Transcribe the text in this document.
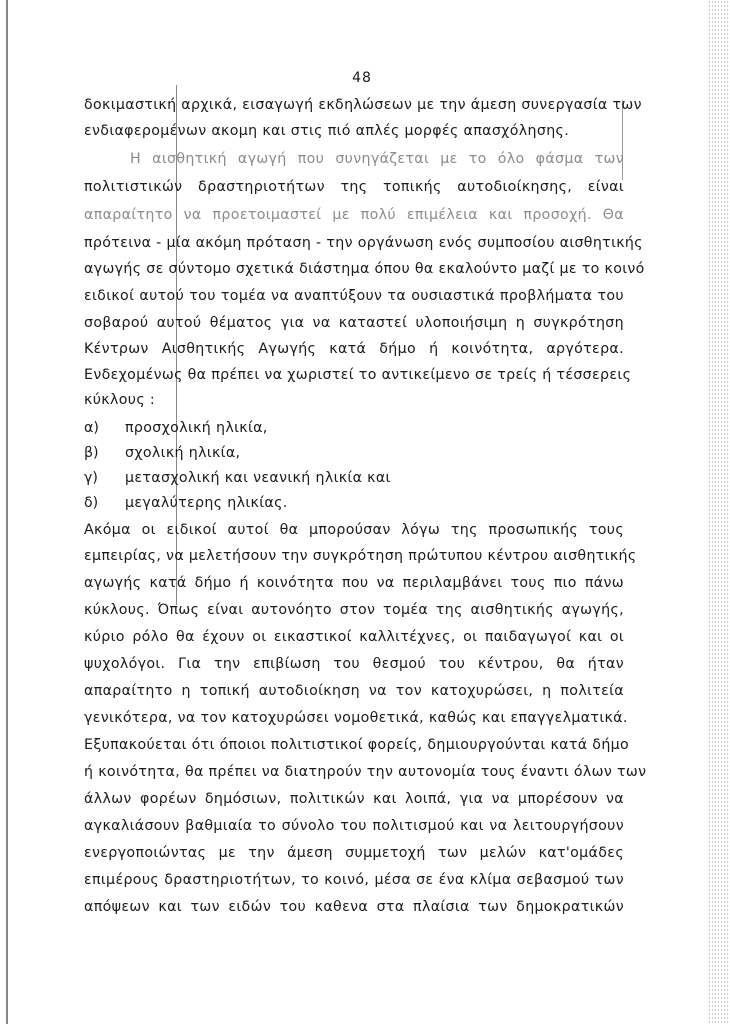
48
δοκιμαστική αρχικά, εισαγωγή εκδηλώσεων με την άμεση συνεργασία των
ενδιαφερομένων ακομη και στις πιό απλές μορφές απασχόλησης.
Η αισθητική αγωγή που συνηγάζεται με το όλο φάσμα των
πολιτιστικών δραστηριοτήτων της τοπικής αυτοδιοίκησης, είναι
απαραίτητο να προετοιμαστεί με πολύ επιμέλεια και προσοχή. Θα
πρότεινα - μία ακόμη πρόταση - την οργάνωση ενός συμποσίου αισθητικής
αγωγής σε σύντομο σχετικά διάστημα όπου θα εκαλούντο μαζί με το κοινό
ειδικοί αυτού του τομέα να αναπτύξουν τα ουσιαστικά προβλήματα του
σοβαρού αυτού θέματος για να καταστεί υλοποιήσιμη η συγκρότηση
Κέντρων Αισθητικής Αγωγής κατά δήμο ή κοινότητα, αργότερα.
Ενδεχομένως θα πρέπει να χωριστεί το αντικείμενο σε τρείς ή τέσσερεις
κύκλους :
α) προσχολική ηλικία,
β) σχολική ηλικία,
γ) μετασχολική και νεανική ηλικία και
δ) μεγαλύτερης ηλικίας.
Ακόμα οι ειδικοί αυτοί θα μπορούσαν λόγω της προσωπικής τους
εμπειρίας, να μελετήσουν την συγκρότηση πρώτυπου κέντρου αισθητικής
αγωγής κατά δήμο ή κοινότητα που να περιλαμβάνει τους πιο πάνω
κύκλους. Όπως είναι αυτονόητο στον τομέα της αισθητικής αγωγής,
κύριο ρόλο θα έχουν οι εικαστικοί καλλιτέχνες, οι παιδαγωγοί και οι
ψυχολόγοι. Για την επιβίωση του θεσμού του κέντρου, θα ήταν
απαραίτητο η τοπική αυτοδιοίκηση να τον κατοχυρώσει, η πολιτεία
γενικότερα, να τον κατοχυρώσει νομοθετικά, καθώς και επαγγελματικά.
Εξυπακούεται ότι όποιοι πολιτιστικοί φορείς, δημιουργούνται κατά δήμο
ή κοινότητα, θα πρέπει να διατηρούν την αυτονομία τους έναντι όλων των
άλλων φορέων δημόσιων, πολιτικών και λοιπά, για να μπορέσουν να
αγκαλιάσουν βαθμιαία το σύνολο του πολιτισμού και να λειτουργήσουν
ενεργοποιώντας με την άμεση συμμετοχή των μελών κατ'ομάδες
επιμέρους δραστηριοτήτων, το κοινό, μέσα σε ένα κλίμα σεβασμού των
απόψεων και των ειδών του καθενα στα πλαίσια των δημοκρατικών
